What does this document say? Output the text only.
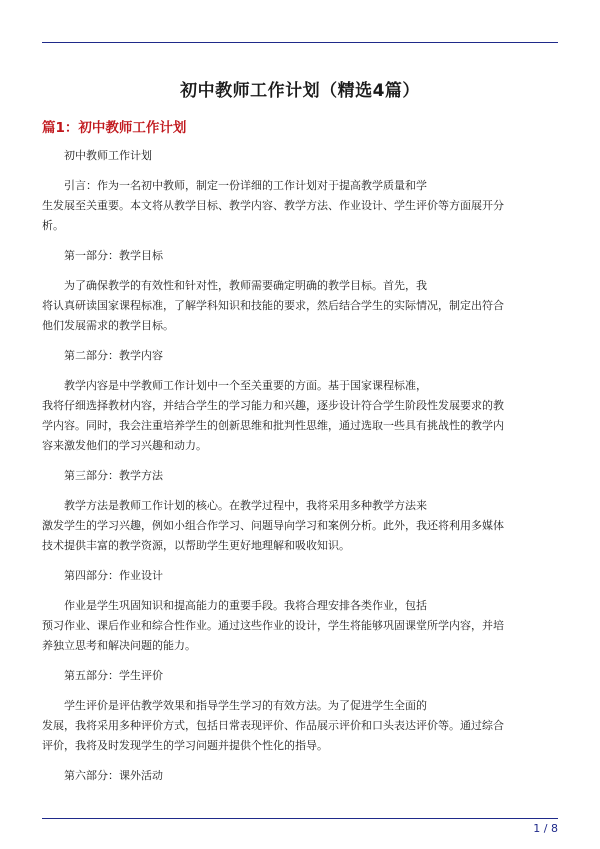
初中教师工作计划（精选4篇）
篇1：初中教师工作计划
初中教师工作计划
引言：作为一名初中教师，制定一份详细的工作计划对于提高教学质量和学
生发展至关重要。本文将从教学目标、教学内容、教学方法、作业设计、学生评价等方面展开分
析。
第一部分：教学目标
为了确保教学的有效性和针对性，教师需要确定明确的教学目标。首先，我
将认真研读国家课程标准，了解学科知识和技能的要求，然后结合学生的实际情况，制定出符合
他们发展需求的教学目标。
第二部分：教学内容
教学内容是中学教师工作计划中一个至关重要的方面。基于国家课程标准，
我将仔细选择教材内容，并结合学生的学习能力和兴趣，逐步设计符合学生阶段性发展要求的教
学内容。同时，我会注重培养学生的创新思维和批判性思维，通过选取一些具有挑战性的教学内
容来激发他们的学习兴趣和动力。
第三部分：教学方法
教学方法是教师工作计划的核心。在教学过程中，我将采用多种教学方法来
激发学生的学习兴趣，例如小组合作学习、问题导向学习和案例分析。此外，我还将利用多媒体
技术提供丰富的教学资源，以帮助学生更好地理解和吸收知识。
第四部分：作业设计
作业是学生巩固知识和提高能力的重要手段。我将合理安排各类作业，包括
预习作业、课后作业和综合性作业。通过这些作业的设计，学生将能够巩固课堂所学内容，并培
养独立思考和解决问题的能力。
第五部分：学生评价
学生评价是评估教学效果和指导学生学习的有效方法。为了促进学生全面的
发展，我将采用多种评价方式，包括日常表现评价、作品展示评价和口头表达评价等。通过综合
评价，我将及时发现学生的学习问题并提供个性化的指导。
第六部分：课外活动
1 / 8
